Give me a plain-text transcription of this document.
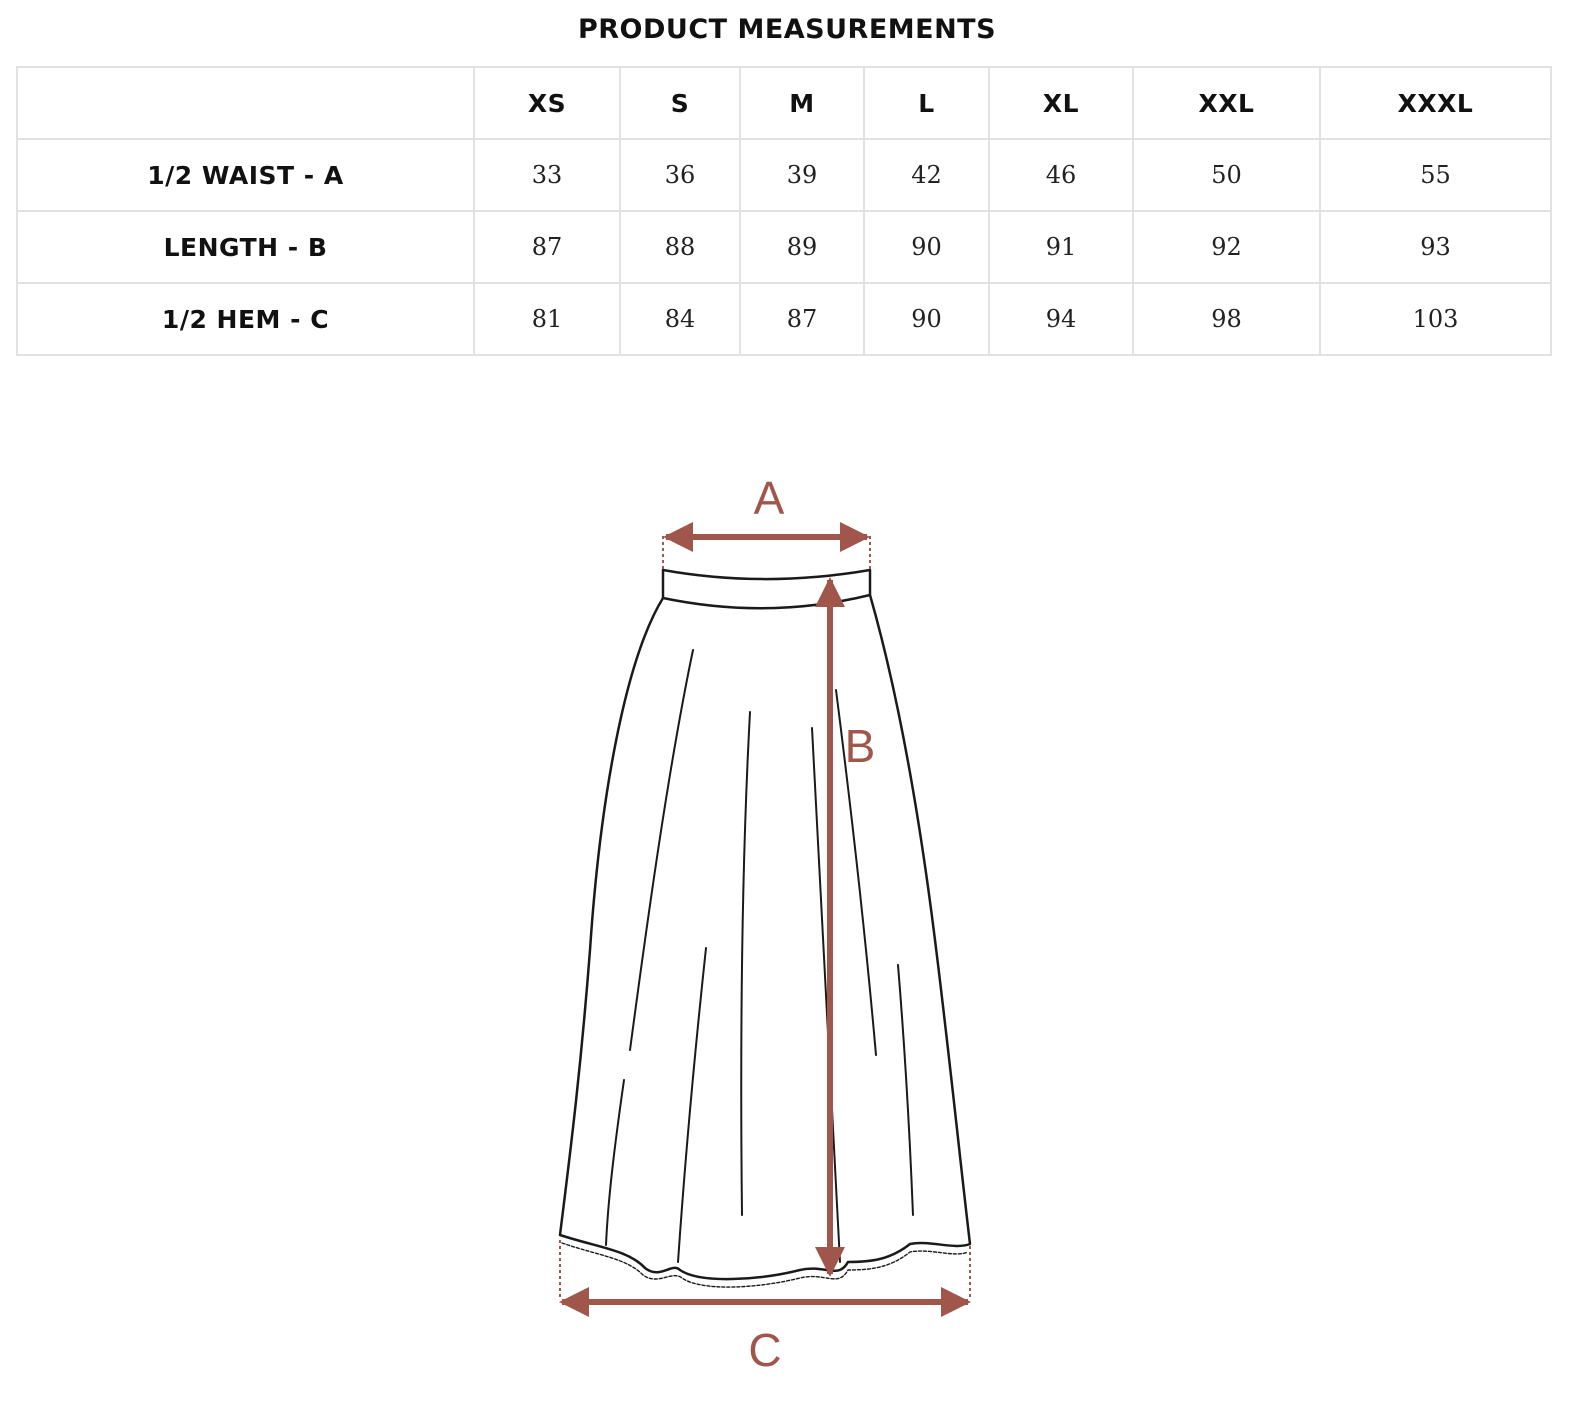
PRODUCT MEASUREMENTS
	XS	S	M	L	XL	XXL	XXXL
1/2 WAIST - A	33	36	39	42	46	50	55
LENGTH - B	87	88	89	90	91	92	93
1/2 HEM - C	81	84	87	90	94	98	103
A
B
C
